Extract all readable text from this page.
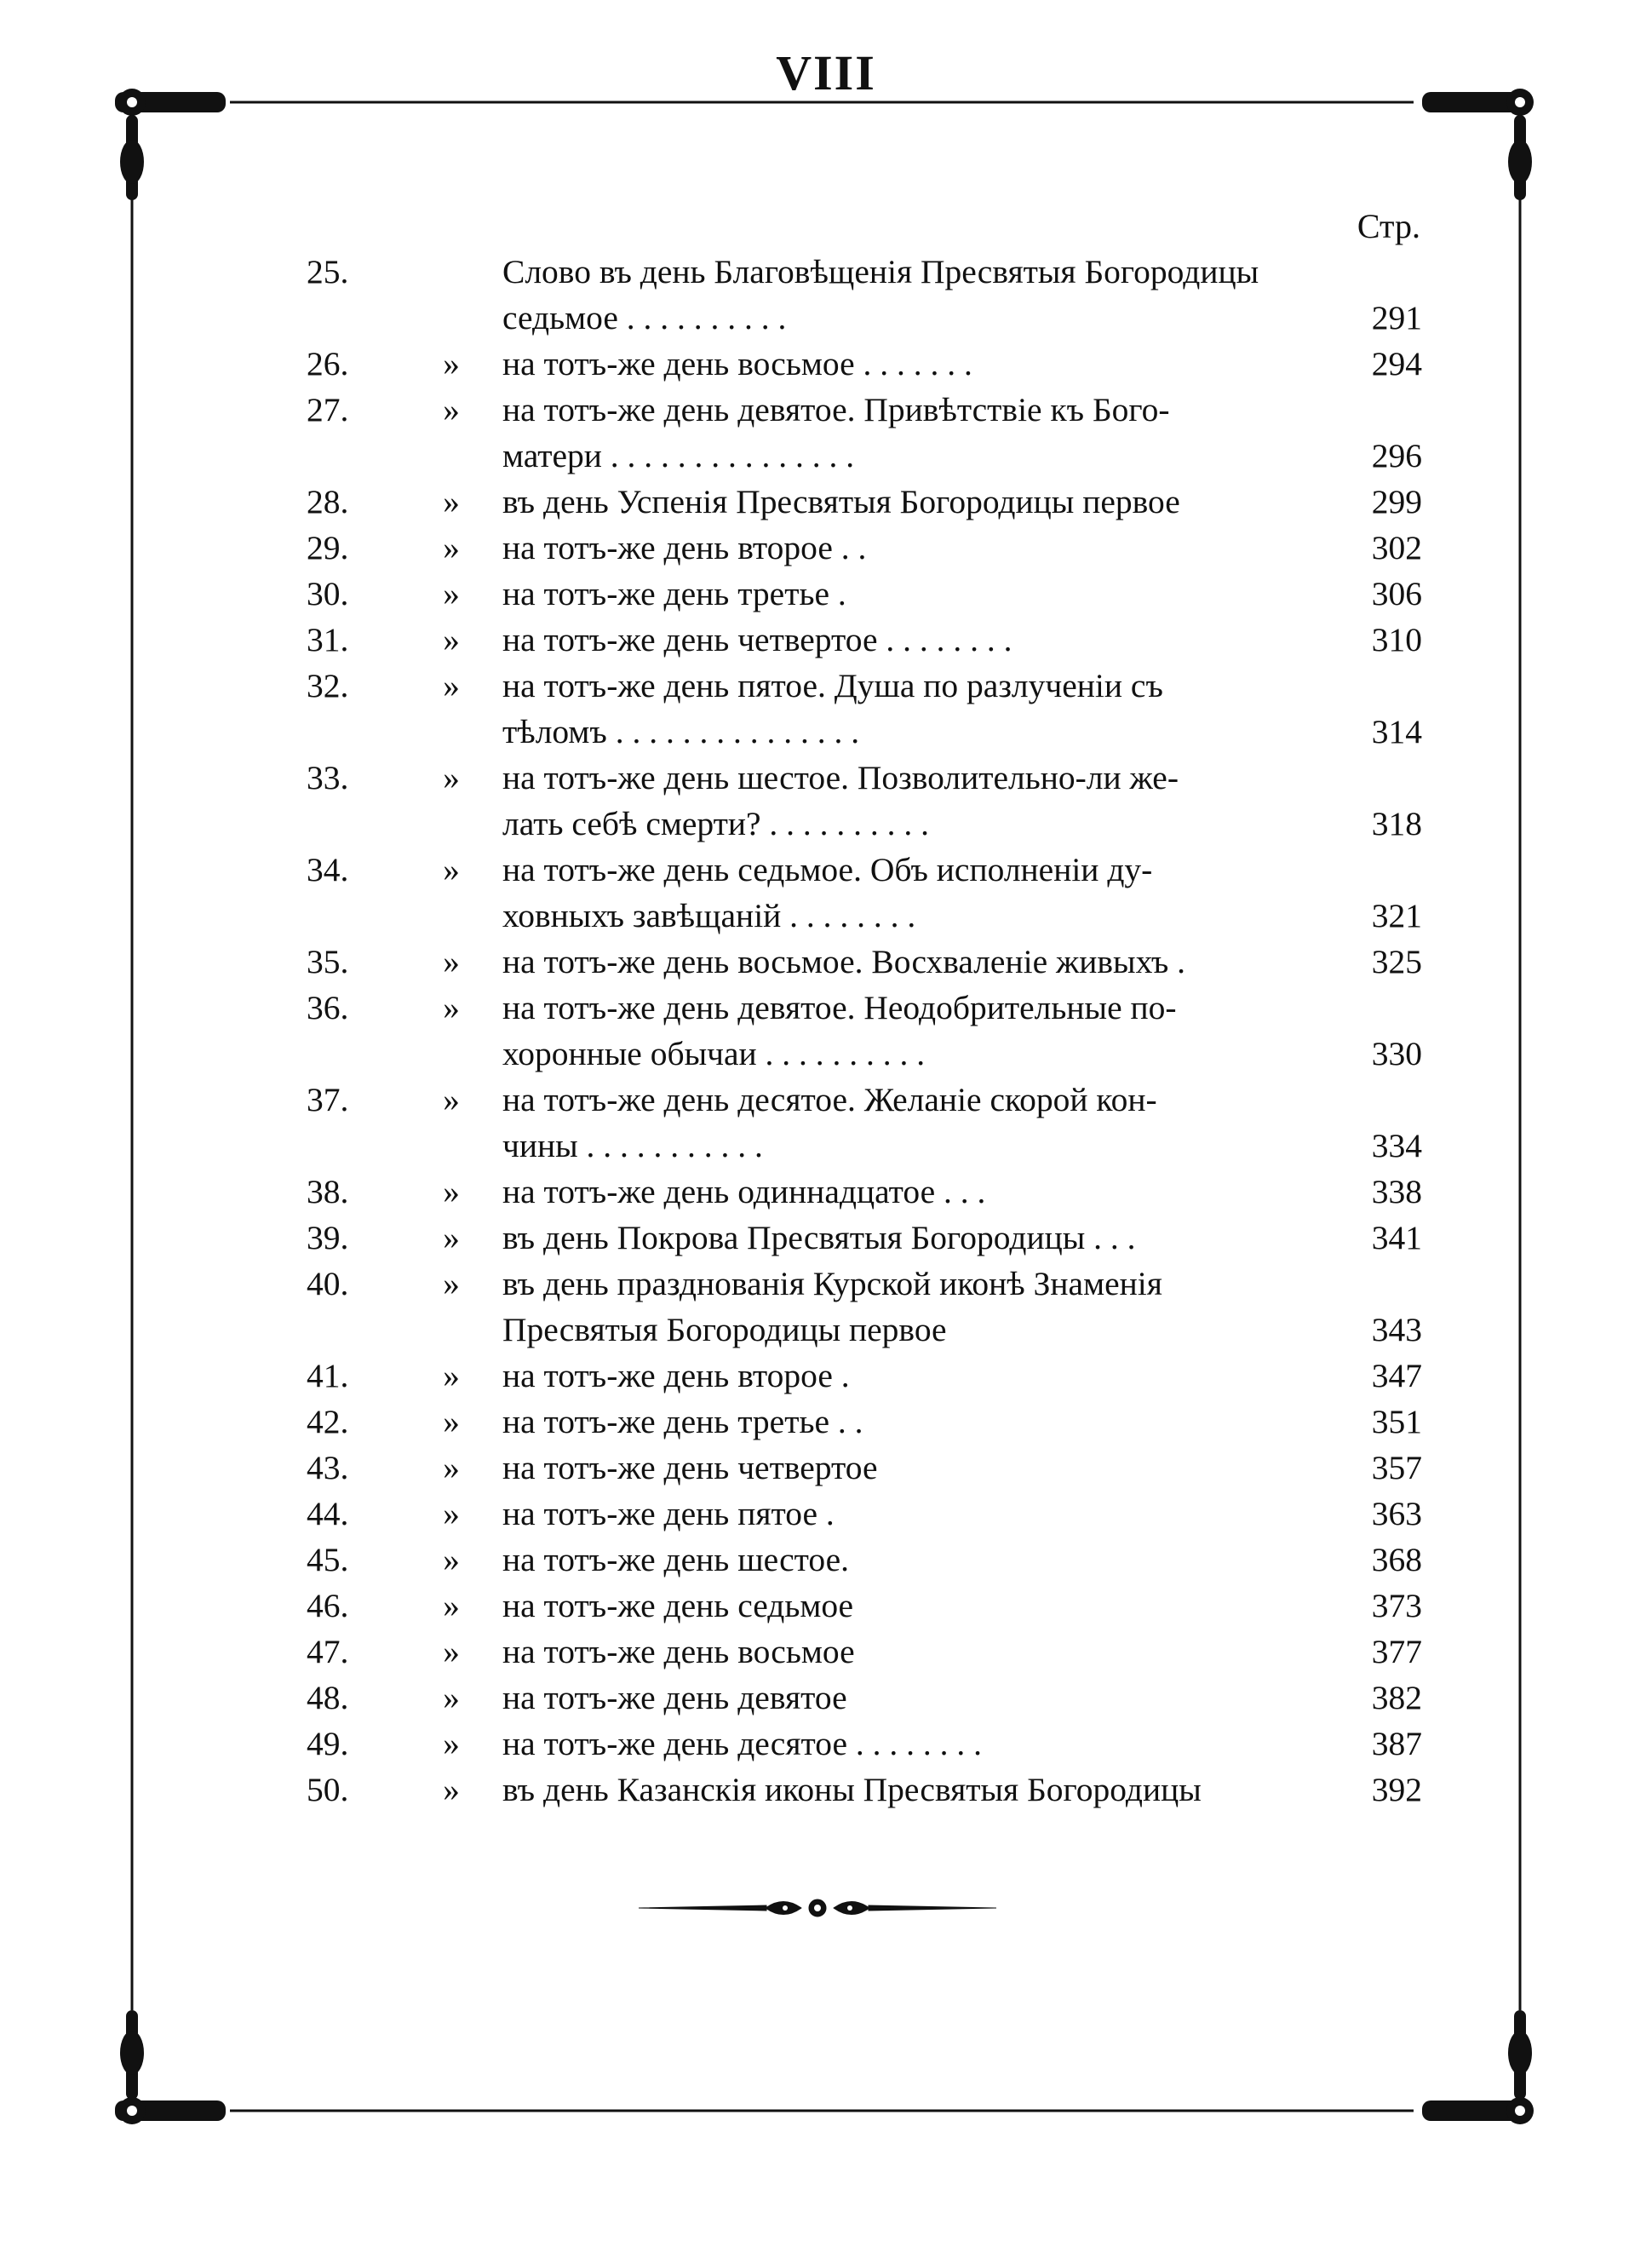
VIII
Стр.
25.	Слово въ день Благовѣщенія Пресвятыя Богородицы
седьмое . . . . . . . . . .	291
26.	»	на тотъ-же день восьмое . . . . . . .	294
27.	»	на тотъ-же день девятое. Привѣтствіе къ Бого-
матери . . . . . . . . . . . . . . .	296
28.	»	въ день Успенія Пресвятыя Богородицы первое	299
29.	»	на тотъ-же день второе . .	302
30.	»	на тотъ-же день третье .	306
31.	»	на тотъ-же день четвертое . . . . . . . .	310
32.	»	на тотъ-же день пятое. Душа по разлученіи съ
тѣломъ . . . . . . . . . . . . . . .	314
33.	»	на тотъ-же день шестое. Позволительно-ли же-
лать себѣ смерти? . . . . . . . . . .	318
34.	»	на тотъ-же день седьмое. Объ исполненіи ду-
ховныхъ завѣщаній . . . . . . . .	321
35.	»	на тотъ-же день восьмое. Восхваленіе живыхъ .	325
36.	»	на тотъ-же день девятое. Неодобрительные по-
хоронные обычаи . . . . . . . . . .	330
37.	»	на тотъ-же день десятое. Желаніе скорой кон-
чины . . . . . . . . . . .	334
38.	»	на тотъ-же день одиннадцатое . . .	338
39.	»	въ день Покрова Пресвятыя Богородицы . . .	341
40.	»	въ день празднованія Курской иконѣ Знаменія
Пресвятыя Богородицы первое	343
41.	»	на тотъ-же день второе .	347
42.	»	на тотъ-же день третье . .	351
43.	»	на тотъ-же день четвертое	357
44.	»	на тотъ-же день пятое .	363
45.	»	на тотъ-же день шестое.	368
46.	»	на тотъ-же день седьмое	373
47.	»	на тотъ-же день восьмое	377
48.	»	на тотъ-же день девятое	382
49.	»	на тотъ-же день десятое . . . . . . . .	387
50.	»	въ день Казанскія иконы Пресвятыя Богородицы	392
